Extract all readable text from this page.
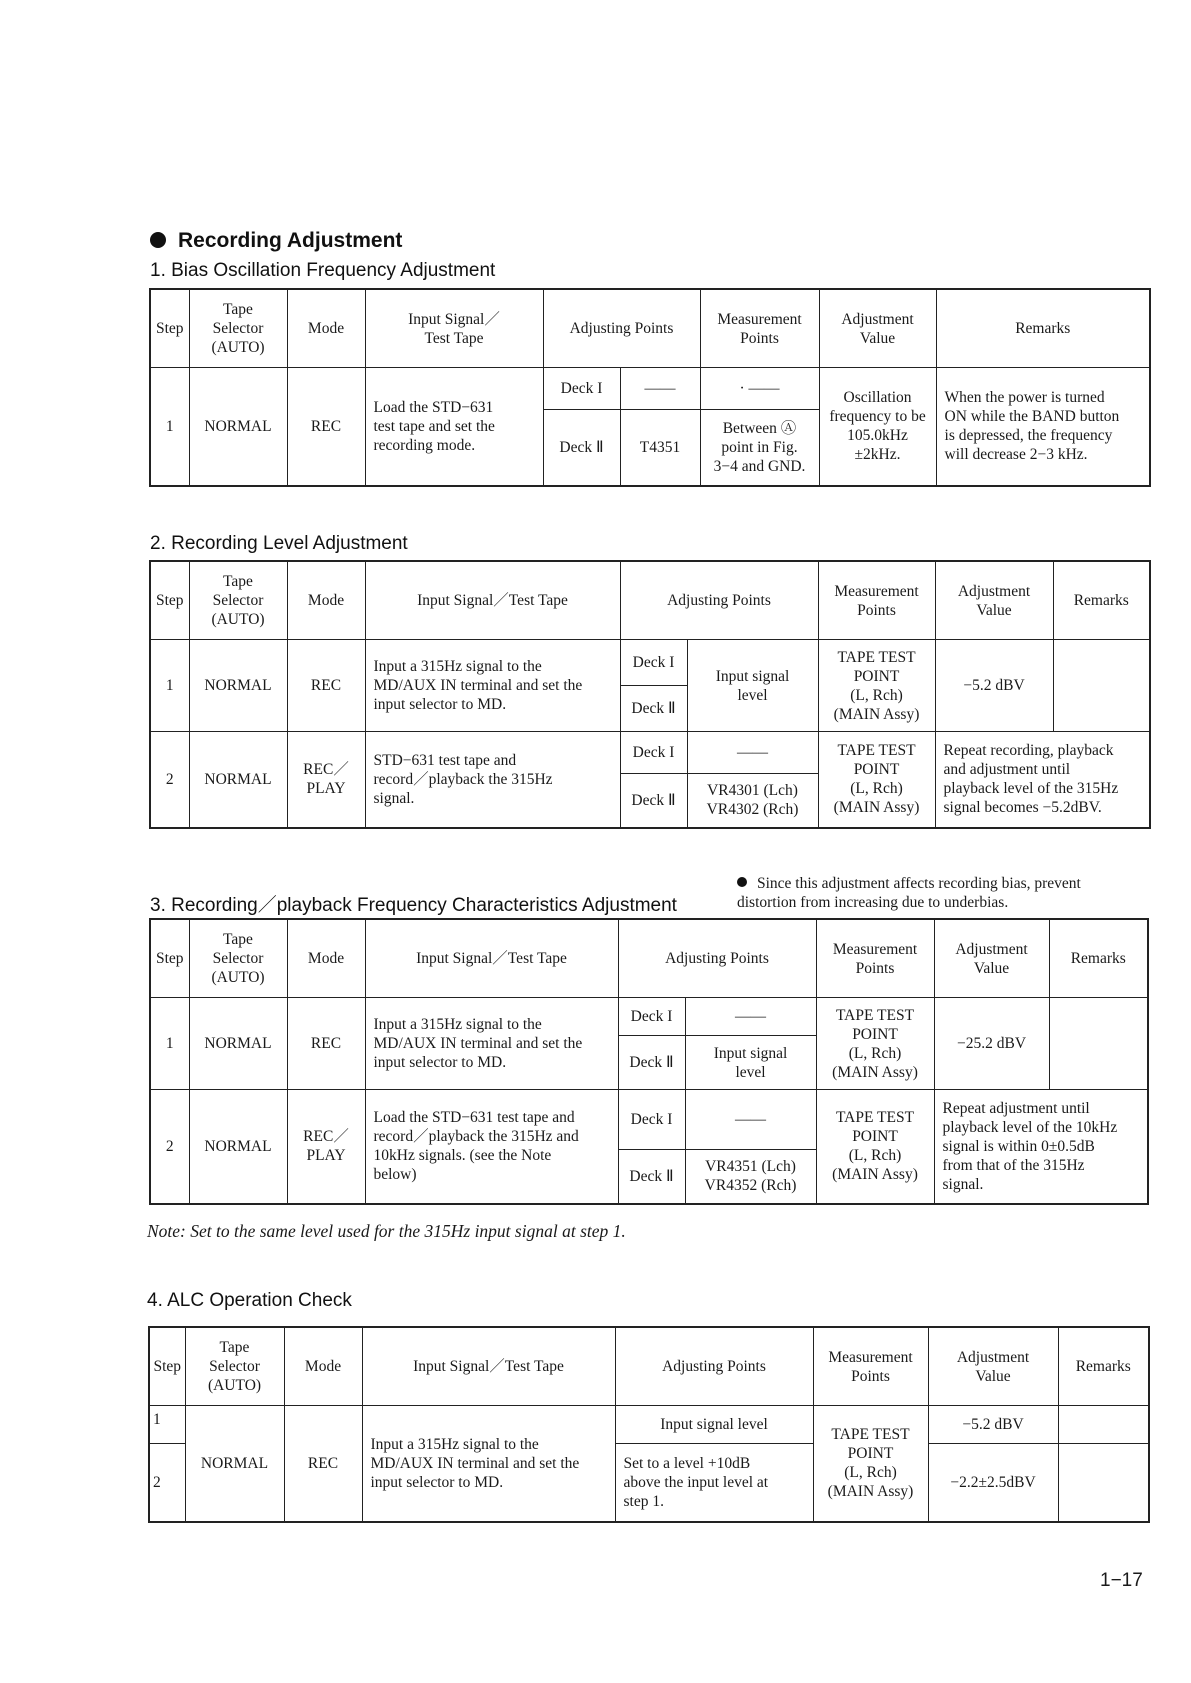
Recording Adjustment
1. Bias Oscillation Frequency Adjustment
Step	Tape
Selector
(AUTO)	Mode	Input Signal／
Test Tape	Adjusting Points		Measurement
Points	Adjustment
Value	Remarks
1	NORMAL	REC	Load the STD−631
test tape and set the
recording mode.	Deck I	——	· ——	Oscillation
frequency to be
105.0kHz
±2kHz.	When the power is turned
ON while the BAND button
is depressed, the frequency
will decrease 2−3 kHz.
				Deck Ⅱ	T4351	Between Ⓐ
point in Fig.
3−4 and GND.		
2. Recording Level Adjustment
Step	Tape
Selector
(AUTO)	Mode	Input Signal／Test Tape	Adjusting Points		Measurement
Points	Adjustment
Value	Remarks
1	NORMAL	REC	Input a 315Hz signal to the
MD/AUX IN terminal and set the
input selector to MD.	Deck I	Input signal
level	TAPE TEST
POINT
(L, Rch)
(MAIN Assy)	−5.2 dBV	
				Deck Ⅱ				
2	NORMAL	REC／
PLAY	STD−631 test tape and
record／playback the 315Hz
signal.	Deck I	——	TAPE TEST
POINT
(L, Rch)
(MAIN Assy)	Repeat recording, playback
and adjustment until
playback level of the 315Hz
signal becomes −5.2dBV.	
				Deck Ⅱ	VR4301 (Lch)
VR4302 (Rch)			
Since this adjustment affects recording bias, prevent
distortion from increasing due to underbias.
3. Recording／playback Frequency Characteristics Adjustment
Step	Tape
Selector
(AUTO)	Mode	Input Signal／Test Tape	Adjusting Points		Measurement
Points	Adjustment
Value	Remarks
1	NORMAL	REC	Input a 315Hz signal to the
MD/AUX IN terminal and set the
input selector to MD.	Deck I	——	TAPE TEST
POINT
(L, Rch)
(MAIN Assy)	−25.2 dBV	
				Deck Ⅱ	Input signal
level			
2	NORMAL	REC／
PLAY	Load the STD−631 test tape and
record／playback the 315Hz and
10kHz signals. (see the Note
below)	Deck I	——	TAPE TEST
POINT
(L, Rch)
(MAIN Assy)	Repeat adjustment until
playback level of the 10kHz
signal is within 0±0.5dB
from that of the 315Hz
signal.	
				Deck Ⅱ	VR4351 (Lch)
VR4352 (Rch)			
Note: Set to the same level used for the 315Hz input signal at step 1.
4. ALC Operation Check
Step	Tape
Selector
(AUTO)	Mode	Input Signal／Test Tape	Adjusting Points	Measurement
Points	Adjustment
Value	Remarks
1	NORMAL	REC	Input a 315Hz signal to the
MD/AUX IN terminal and set the
input selector to MD.	Input signal level	TAPE TEST
POINT
(L, Rch)
(MAIN Assy)	−5.2 dBV	
2				Set to a level +10dB
above the input level at
step 1.		−2.2±2.5dBV	
1−17
